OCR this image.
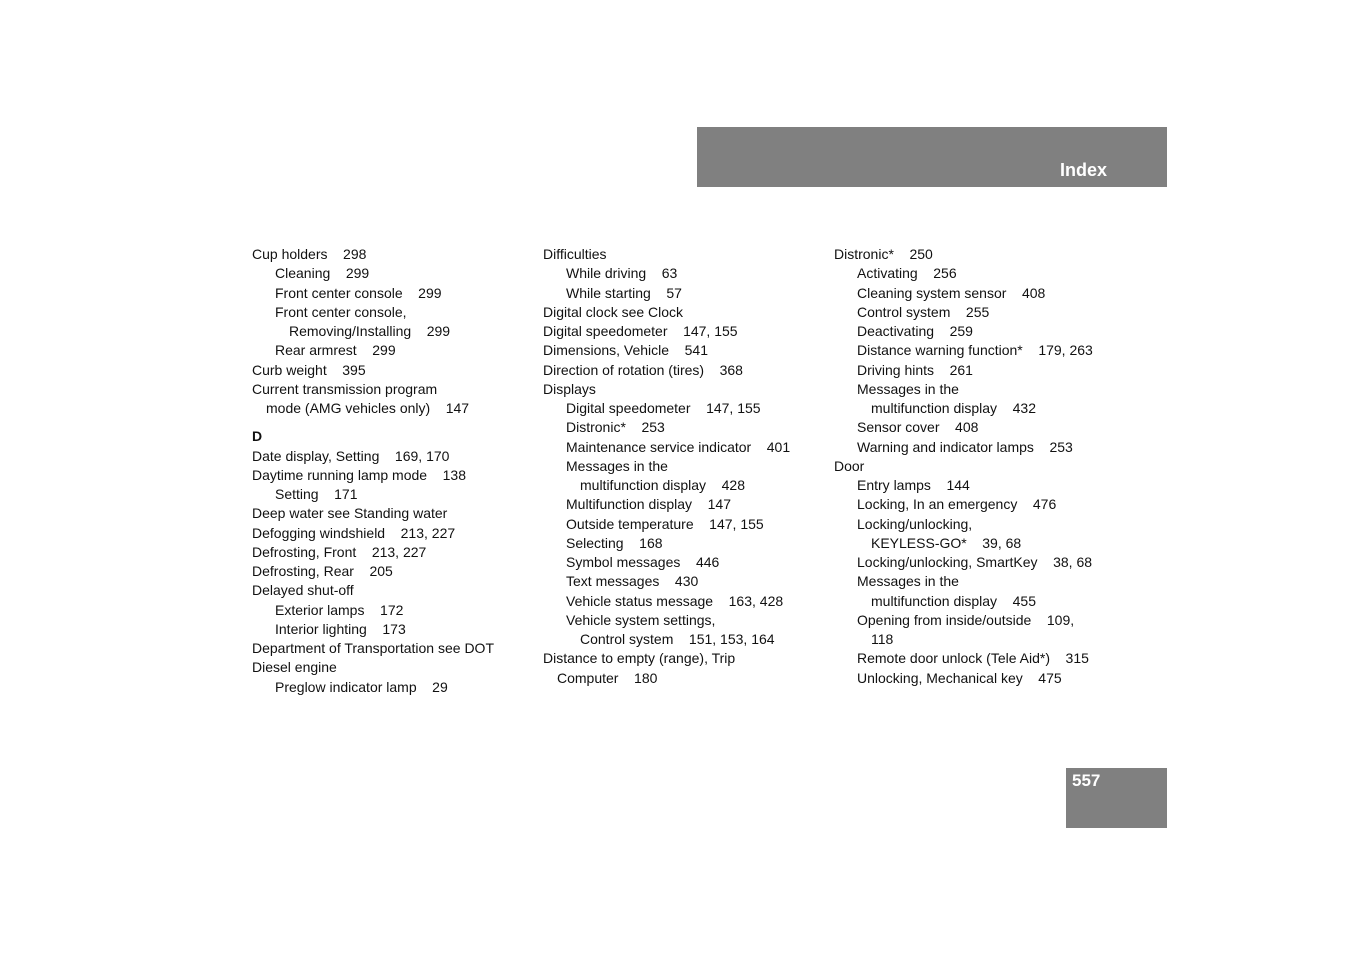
Index
Cup holders    298
Cleaning    299
Front center console    299
Front center console,
Removing/Installing    299
Rear armrest    299
Curb weight    395
Current transmission program
mode (AMG vehicles only)    147
D
Date display, Setting    169, 170
Daytime running lamp mode    138
Setting    171
Deep water see Standing water
Defogging windshield    213, 227
Defrosting, Front    213, 227
Defrosting, Rear    205
Delayed shut-off
Exterior lamps    172
Interior lighting    173
Department of Transportation see DOT
Diesel engine
Preglow indicator lamp    29
Difficulties
While driving    63
While starting    57
Digital clock see Clock
Digital speedometer    147, 155
Dimensions, Vehicle    541
Direction of rotation (tires)    368
Displays
Digital speedometer    147, 155
Distronic*    253
Maintenance service indicator    401
Messages in the
multifunction display    428
Multifunction display    147
Outside temperature    147, 155
Selecting    168
Symbol messages    446
Text messages    430
Vehicle status message    163, 428
Vehicle system settings,
Control system    151, 153, 164
Distance to empty (range), Trip
Computer    180
Distronic*    250
Activating    256
Cleaning system sensor    408
Control system    255
Deactivating    259
Distance warning function*    179, 263
Driving hints    261
Messages in the
multifunction display    432
Sensor cover    408
Warning and indicator lamps    253
Door
Entry lamps    144
Locking, In an emergency    476
Locking/unlocking,
KEYLESS-GO*    39, 68
Locking/unlocking, SmartKey    38, 68
Messages in the
multifunction display    455
Opening from inside/outside    109,
118
Remote door unlock (Tele Aid*)    315
Unlocking, Mechanical key    475
557
